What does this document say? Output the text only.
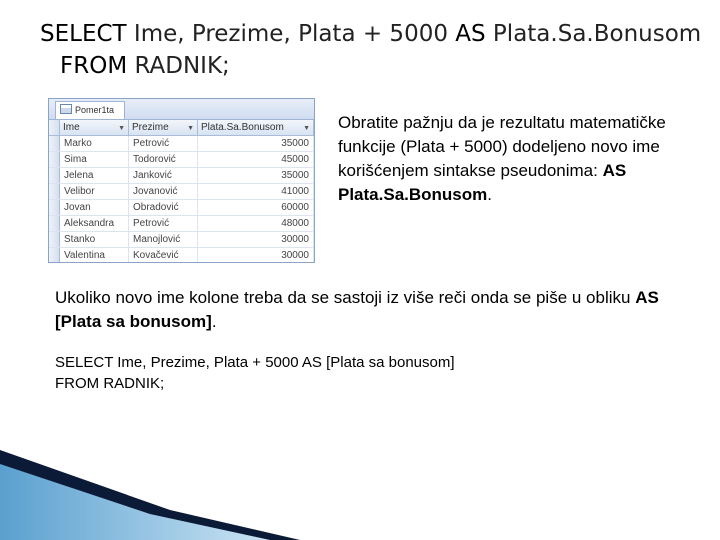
SELECT Ime, Prezime, Plata + 5000 AS Plata.Sa.Bonusom
FROM RADNIK;
Pomer1ta
	Ime ▼	Prezime ▼	Plata.Sa.Bonusom ▼

	Marko	Petrović	35000
	Sima	Todorović	45000
	Jelena	Janković	35000
	Velibor	Jovanović	41000
	Jovan	Obradović	60000
	Aleksandra	Petrović	48000
	Stanko	Manojlović	30000
	Valentina	Kovačević	30000
Obratite pažnju da je rezultatu matematičke funkcije (Plata + 5000) dodeljeno novo ime korišćenjem sintakse pseudonima: AS Plata.Sa.Bonusom.
Ukoliko novo ime kolone treba da se sastoji iz više reči onda se piše u obliku AS [Plata sa bonusom].
SELECT Ime, Prezime, Plata + 5000 AS [Plata sa bonusom]
FROM RADNIK;
